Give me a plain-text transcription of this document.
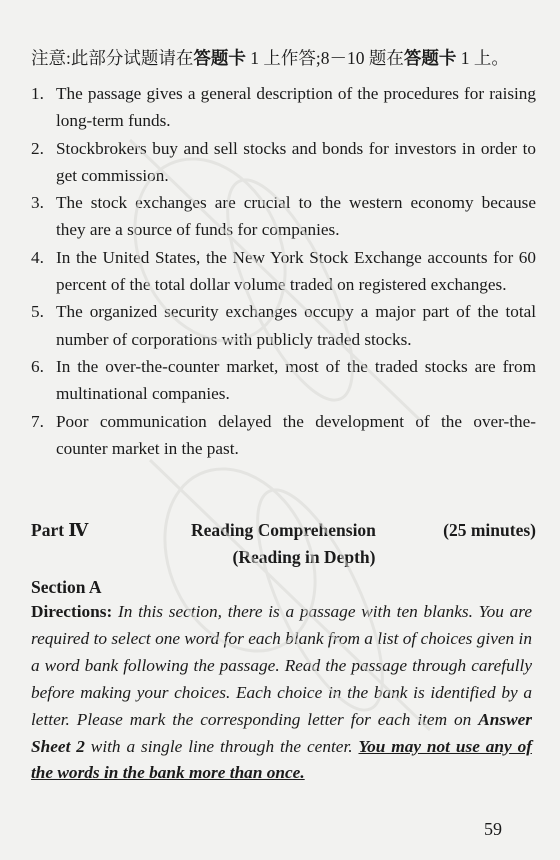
注意:此部分试题请在答题卡 1 上作答;8－10 题在答题卡 1 上。
1. The passage gives a general description of the procedures for raising long-term funds.
2. Stockbrokers buy and sell stocks and bonds for investors in order to get commission.
3. The stock exchanges are crucial to the western economy because they are a source of funds for companies.
4. In the United States, the New York Stock Exchange accounts for 60 percent of the total dollar volume traded on registered exchanges.
5. The organized security exchanges occupy a major part of the total number of corporations with publicly traded stocks.
6. In the over-the-counter market, most of the traded stocks are from multinational companies.
7. Poor communication delayed the development of the over-the-counter market in the past.
Part Ⅳ	Reading Comprehension	(25 minutes)
(Reading in Depth)
Section A
Directions: In this section, there is a passage with ten blanks. You are required to select one word for each blank from a list of choices given in a word bank following the passage. Read the passage through carefully before making your choices. Each choice in the bank is identified by a letter. Please mark the corresponding letter for each item on Answer Sheet 2 with a single line through the center. You may not use any of the words in the bank more than once.
59
